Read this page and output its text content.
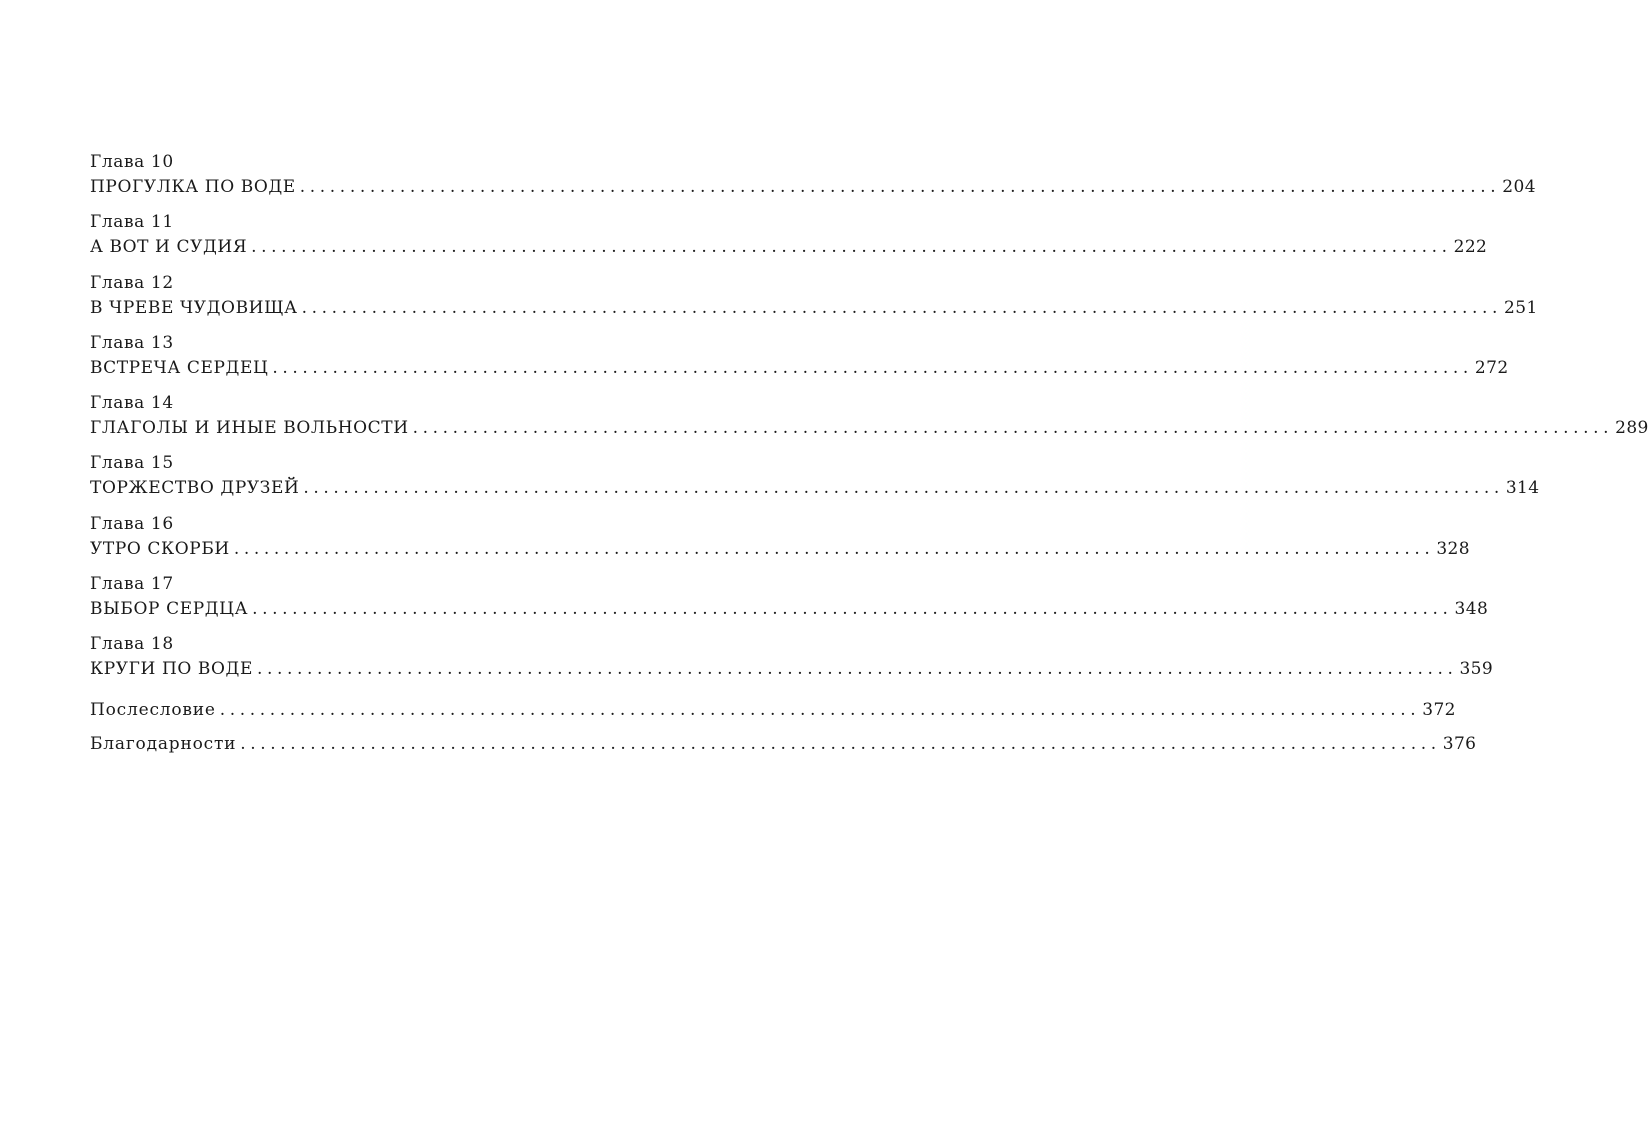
Глава 10
ПРОГУЛКА ПО ВОДЕ ........................................................................................................................ 204
Глава 11
А ВОТ И СУДИЯ ........................................................................................................................ 222
Глава 12
В ЧРЕВЕ ЧУДОВИЩА ........................................................................................................................ 251
Глава 13
ВСТРЕЧА СЕРДЕЦ ........................................................................................................................ 272
Глава 14
ГЛАГОЛЫ И ИНЫЕ ВОЛЬНОСТИ ........................................................................................................................ 289
Глава 15
ТОРЖЕСТВО ДРУЗЕЙ ........................................................................................................................ 314
Глава 16
УТРО СКОРБИ ........................................................................................................................ 328
Глава 17
ВЫБОР СЕРДЦА ........................................................................................................................ 348
Глава 18
КРУГИ ПО ВОДЕ ........................................................................................................................ 359
Послесловие ........................................................................................................................ 372
Благодарности ........................................................................................................................ 376
